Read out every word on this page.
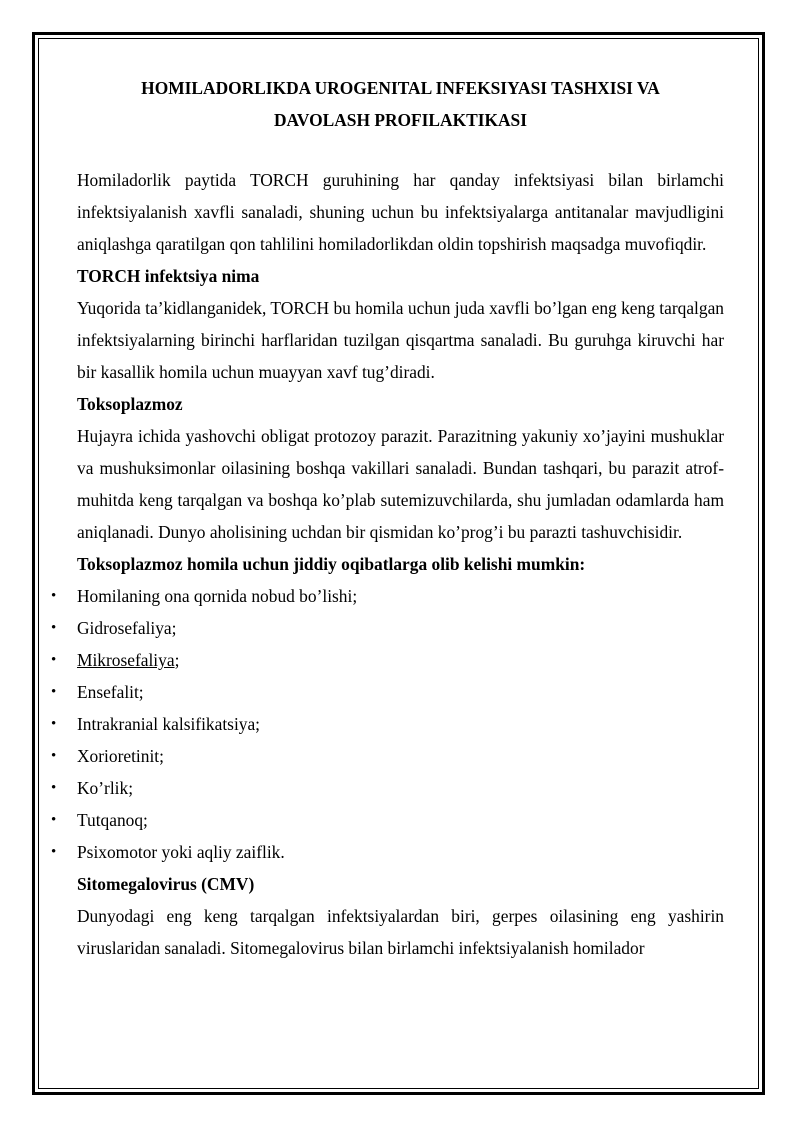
HOMILADORLIKDA UROGENITAL INFEKSIYASI TASHXISI VA
DAVOLASH PROFILAKTIKASI

Homiladorlik paytida TORCH guruhining har qanday infektsiyasi bilan birlamchi infektsiyalanish xavfli sanaladi, shuning uchun bu infektsiyalarga antitanalar mavjudligini aniqlashga qaratilgan qon tahlilini homiladorlikdan oldin topshirish maqsadga muvofiqdir.

TORCH infektsiya nima

Yuqorida ta’kidlanganidek, TORCH bu homila uchun juda xavfli bo’lgan eng keng tarqalgan infektsiyalarning birinchi harflaridan tuzilgan qisqartma sanaladi. Bu guruhga kiruvchi har bir kasallik homila uchun muayyan xavf tug’diradi.

Toksoplazmoz

Hujayra ichida yashovchi obligat protozoy parazit. Parazitning yakuniy xo’jayini mushuklar va mushuksimonlar oilasining boshqa vakillari sanaladi. Bundan tashqari, bu parazit atrof-muhitda keng tarqalgan va boshqa ko’plab sutemizuvchilarda, shu jumladan odamlarda ham aniqlanadi. Dunyo aholisining uchdan bir qismidan ko’prog’i bu parazti tashuvchisidir.

Toksoplazmoz homila uchun jiddiy oqibatlarga olib kelishi mumkin:
• Homilaning ona qornida nobud bo’lishi;
• Gidrosefaliya;
• Mikrosefaliya;
• Ensefalit;
• Intrakranial kalsifikatsiya;
• Xorioretinit;
• Ko’rlik;
• Tutqanoq;
• Psixomotor yoki aqliy zaiflik.
Sitomegalovirus (CMV)

Dunyodagi eng keng tarqalgan infektsiyalardan biri, gerpes oilasining eng yashirin viruslaridan sanaladi. Sitomegalovirus bilan birlamchi infektsiyalanish homilador
